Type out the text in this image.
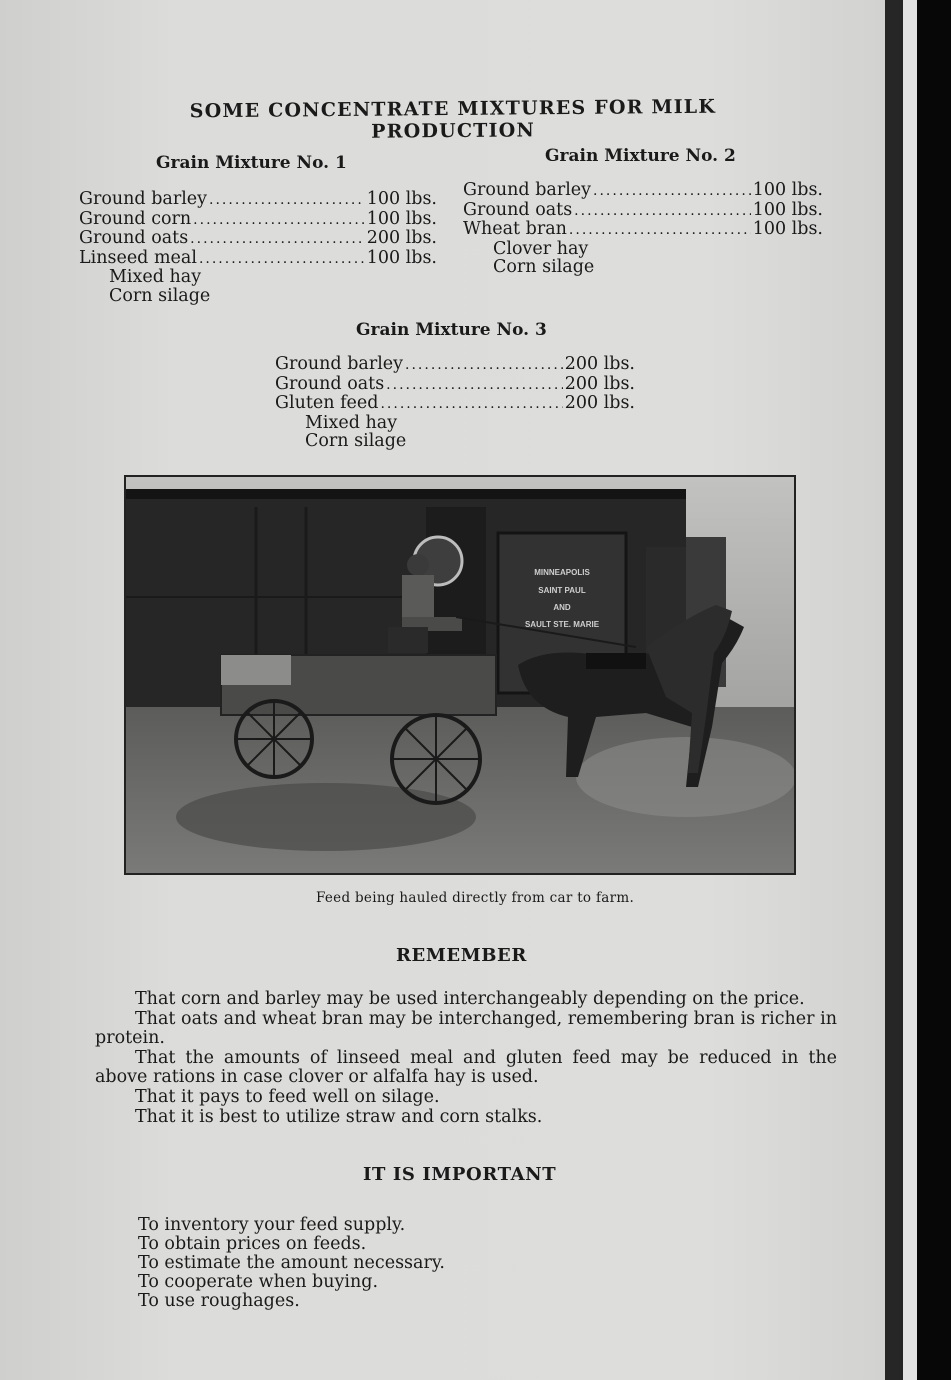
SOME CONCENTRATE MIXTURES FOR MILK PRODUCTION
Grain Mixture No. 1
Ground barley .....	100 lbs.
Ground corn .....	100 lbs.
Ground oats .....	200 lbs.
Linseed meal .....	100 lbs.
Mixed hay
Corn silage
Grain Mixture No. 2
Ground barley .....	100 lbs.
Ground oats .....	100 lbs.
Wheat bran .....	100 lbs.
Clover hay
Corn silage
Grain Mixture No. 3
Ground barley .....	200 lbs.
Ground oats .....	200 lbs.
Gluten feed .....	200 lbs.
Mixed hay
Corn silage
MINNEAPOLIS
SAINT PAUL
AND
SAULT STE. MARIE
Feed being hauled directly from car to farm.
REMEMBER

That corn and barley may be used interchangeably depending on the price.

That oats and wheat bran may be interchanged, remembering bran is richer in protein.

That the amounts of linseed meal and gluten feed may be reduced in the above rations in case clover or alfalfa hay is used.

That it pays to feed well on silage.

That it is best to utilize straw and corn stalks.

IT IS IMPORTANT
To inventory your feed supply.
To obtain prices on feeds.
To estimate the amount necessary.
To cooperate when buying.
To use roughages.
